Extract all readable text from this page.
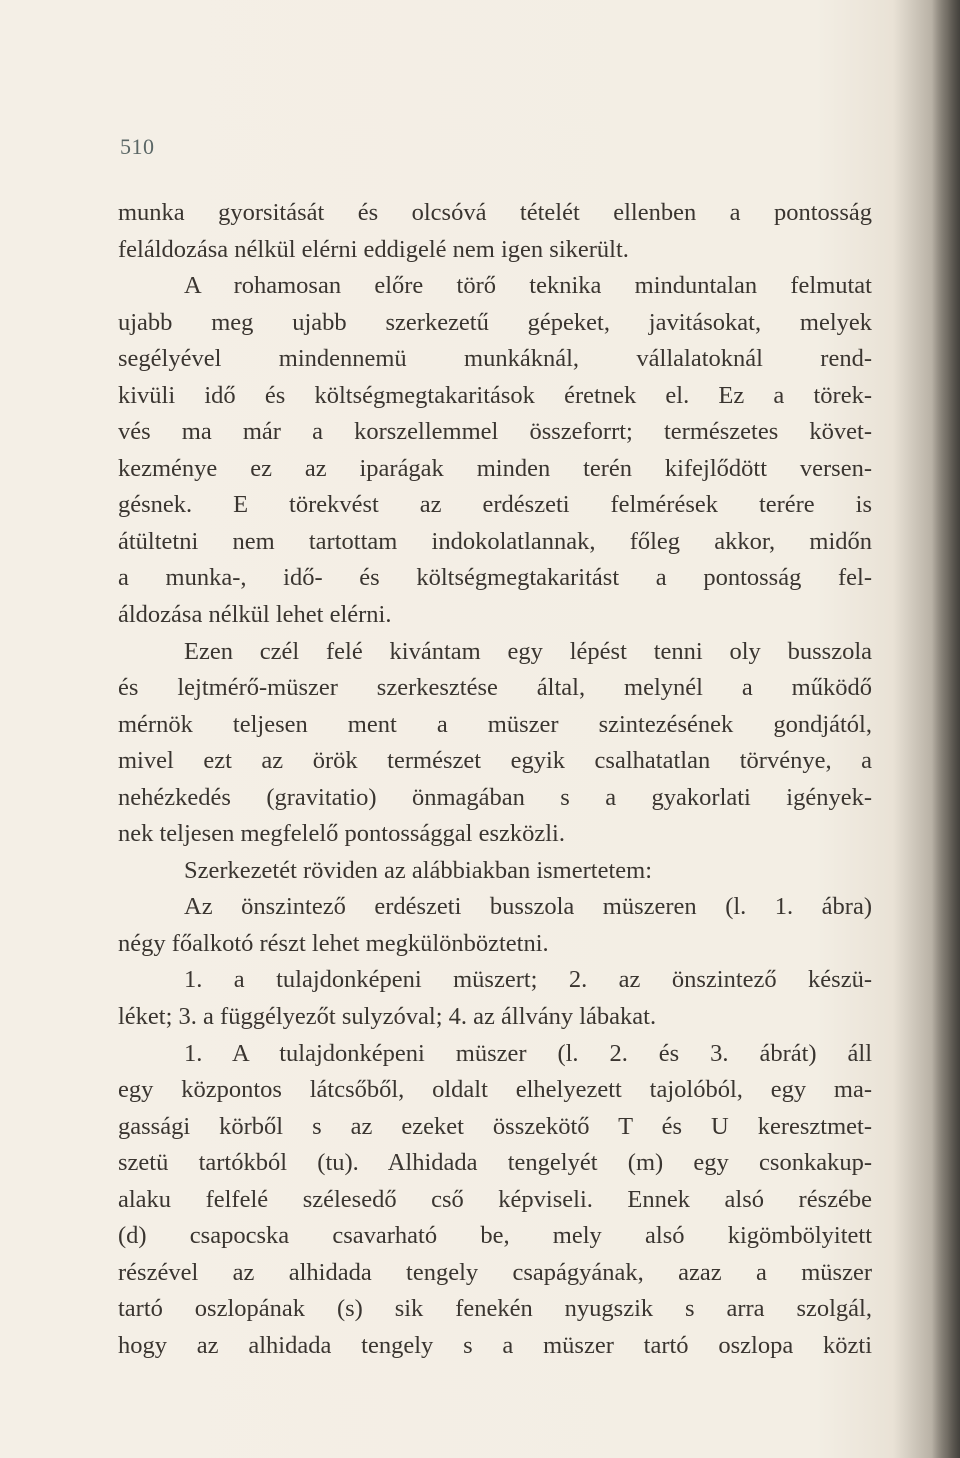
510
munka gyorsitását és olcsóvá tételét ellenben a pontosság
feláldozása nélkül elérni eddigelé nem igen sikerült.
A rohamosan előre törő teknika minduntalan felmutat
ujabb meg ujabb szerkezetű gépeket, javitásokat, melyek
segélyével mindennemü munkáknál, vállalatoknál rend-
kivüli idő és költségmegtakaritások éretnek el. Ez a törek-
vés ma már a korszellemmel összeforrt; természetes követ-
kezménye ez az iparágak minden terén kifejlődött versen-
gésnek. E törekvést az erdészeti felmérések terére is
átültetni nem tartottam indokolatlannak, főleg akkor, midőn
a munka-, idő- és költségmegtakaritást a pontosság fel-
áldozása nélkül lehet elérni.
Ezen czél felé kivántam egy lépést tenni oly busszola
és lejtmérő-müszer szerkesztése által, melynél a működő
mérnök teljesen ment a müszer szintezésének gondjától,
mivel ezt az örök természet egyik csalhatatlan törvénye, a
nehézkedés (gravitatio) önmagában s a gyakorlati igények-
nek teljesen megfelelő pontossággal eszközli.
Szerkezetét röviden az alábbiakban ismertetem:
Az önszintező erdészeti busszola müszeren (l. 1. ábra)
négy főalkotó részt lehet megkülönböztetni.
1. a tulajdonképeni müszert; 2. az önszintező készü-
léket; 3. a függélyezőt sulyzóval; 4. az állvány lábakat.
1. A tulajdonképeni müszer (l. 2. és 3. ábrát) áll
egy központos látcsőből, oldalt elhelyezett tajolóból, egy ma-
gassági körből s az ezeket összekötő T és U keresztmet-
szetü tartókból (tu). Alhidada tengelyét (m) egy csonkakup-
alaku felfelé szélesedő cső képviseli. Ennek alsó részébe
(d) csapocska csavarható be, mely alsó kigömbölyitett
részével az alhidada tengely csapágyának, azaz a müszer
tartó oszlopának (s) sik fenekén nyugszik s arra szolgál,
hogy az alhidada tengely s a müszer tartó oszlopa közti
